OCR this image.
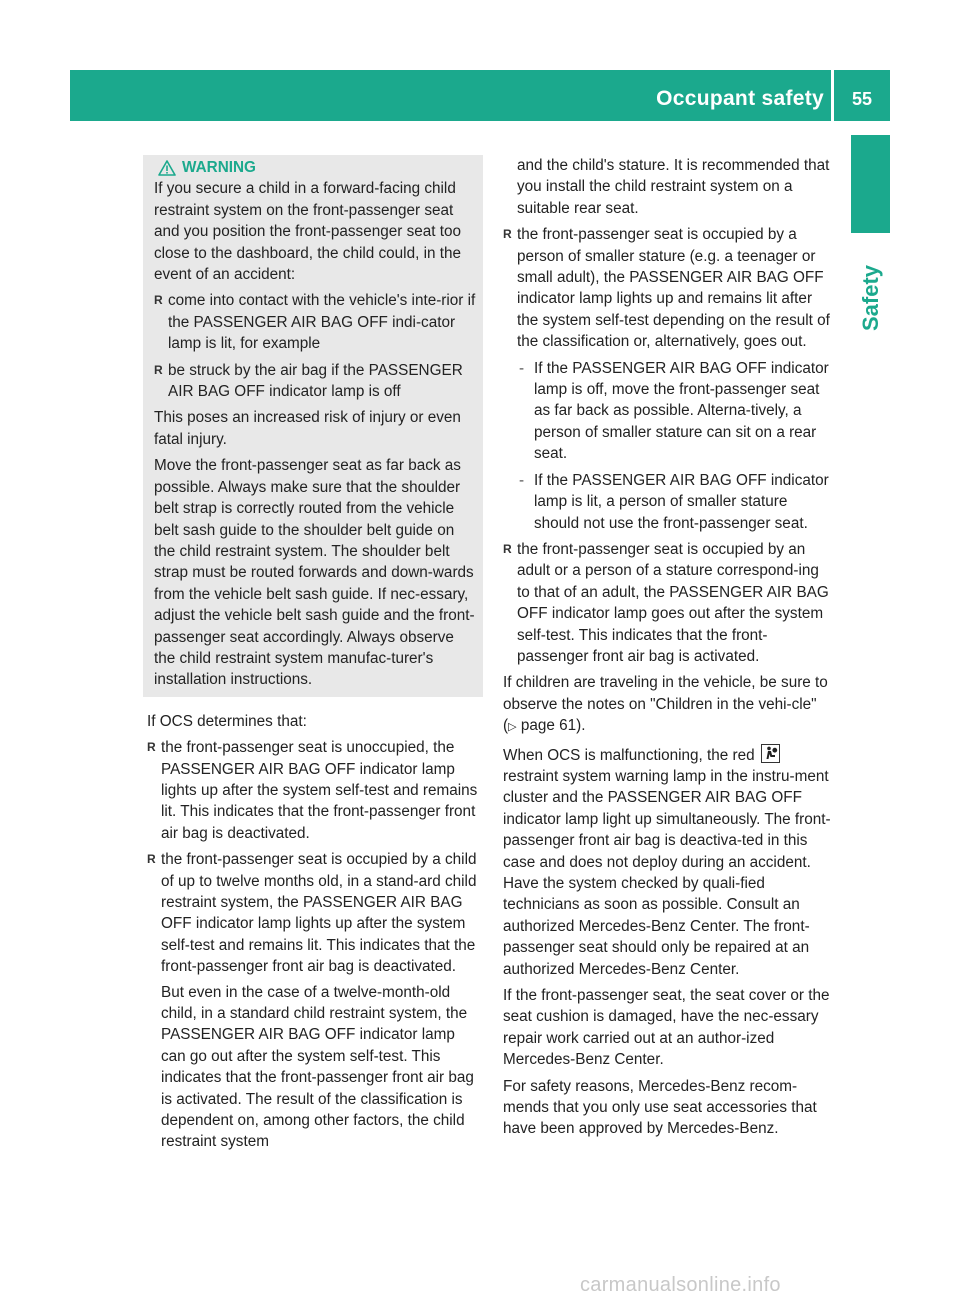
Occupant safety	55
Safety
WARNING

If you secure a child in a forward-facing child restraint system on the front-passenger seat and you position the front-passenger seat too close to the dashboard, the child could, in the event of an accident:

R come into contact with the vehicle's inte-rior if the PASSENGER AIR BAG OFF indi-cator lamp is lit, for example
R be struck by the air bag if the PASSENGER AIR BAG OFF indicator lamp is off

This poses an increased risk of injury or even fatal injury.

Move the front-passenger seat as far back as possible. Always make sure that the shoulder belt strap is correctly routed from the vehicle belt sash guide to the shoulder belt guide on the child restraint system. The shoulder belt strap must be routed forwards and down-wards from the vehicle belt sash guide. If nec-essary, adjust the vehicle belt sash guide and the front-passenger seat accordingly. Always observe the child restraint system manufac-turer's installation instructions.

If OCS determines that:

R the front-passenger seat is unoccupied, the PASSENGER AIR BAG OFF indicator lamp lights up after the system self-test and remains lit. This indicates that the front-passenger front air bag is deactivated.
R the front-passenger seat is occupied by a child of up to twelve months old, in a stand-ard child restraint system, the PASSENGER AIR BAG OFF indicator lamp lights up after the system self-test and remains lit. This indicates that the front-passenger front air bag is deactivated.
But even in the case of a twelve-month-old child, in a standard child restraint system, the PASSENGER AIR BAG OFF indicator lamp can go out after the system self-test. This indicates that the front-passenger front air bag is activated. The result of the classification is dependent on, among other factors, the child restraint system

and the child's stature. It is recommended that you install the child restraint system on a suitable rear seat.

R the front-passenger seat is occupied by a person of smaller stature (e.g. a teenager or small adult), the PASSENGER AIR BAG OFF indicator lamp lights up and remains lit after the system self-test depending on the result of the classification or, alternatively, goes out.
- If the PASSENGER AIR BAG OFF indicator lamp is off, move the front-passenger seat as far back as possible. Alterna-tively, a person of smaller stature can sit on a rear seat.
- If the PASSENGER AIR BAG OFF indicator lamp is lit, a person of smaller stature should not use the front-passenger seat.
R the front-passenger seat is occupied by an adult or a person of a stature correspond-ing to that of an adult, the PASSENGER AIR BAG OFF indicator lamp goes out after the system self-test. This indicates that the front-passenger front air bag is activated.

If children are traveling in the vehicle, be sure to observe the notes on "Children in the vehi-cle" (▷ page 61).

When OCS is malfunctioning, the red
restraint system warning lamp in the instru-ment cluster and the PASSENGER AIR BAG OFF indicator lamp light up simultaneously. The front-passenger front air bag is deactiva-ted in this case and does not deploy during an accident. Have the system checked by quali-fied technicians as soon as possible. Consult an authorized Mercedes-Benz Center. The front-passenger seat should only be repaired at an authorized Mercedes-Benz Center.

If the front-passenger seat, the seat cover or the seat cushion is damaged, have the nec-essary repair work carried out at an author-ized Mercedes-Benz Center.

For safety reasons, Mercedes-Benz recom-mends that you only use seat accessories that have been approved by Mercedes-Benz.

carmanualsonline.info
